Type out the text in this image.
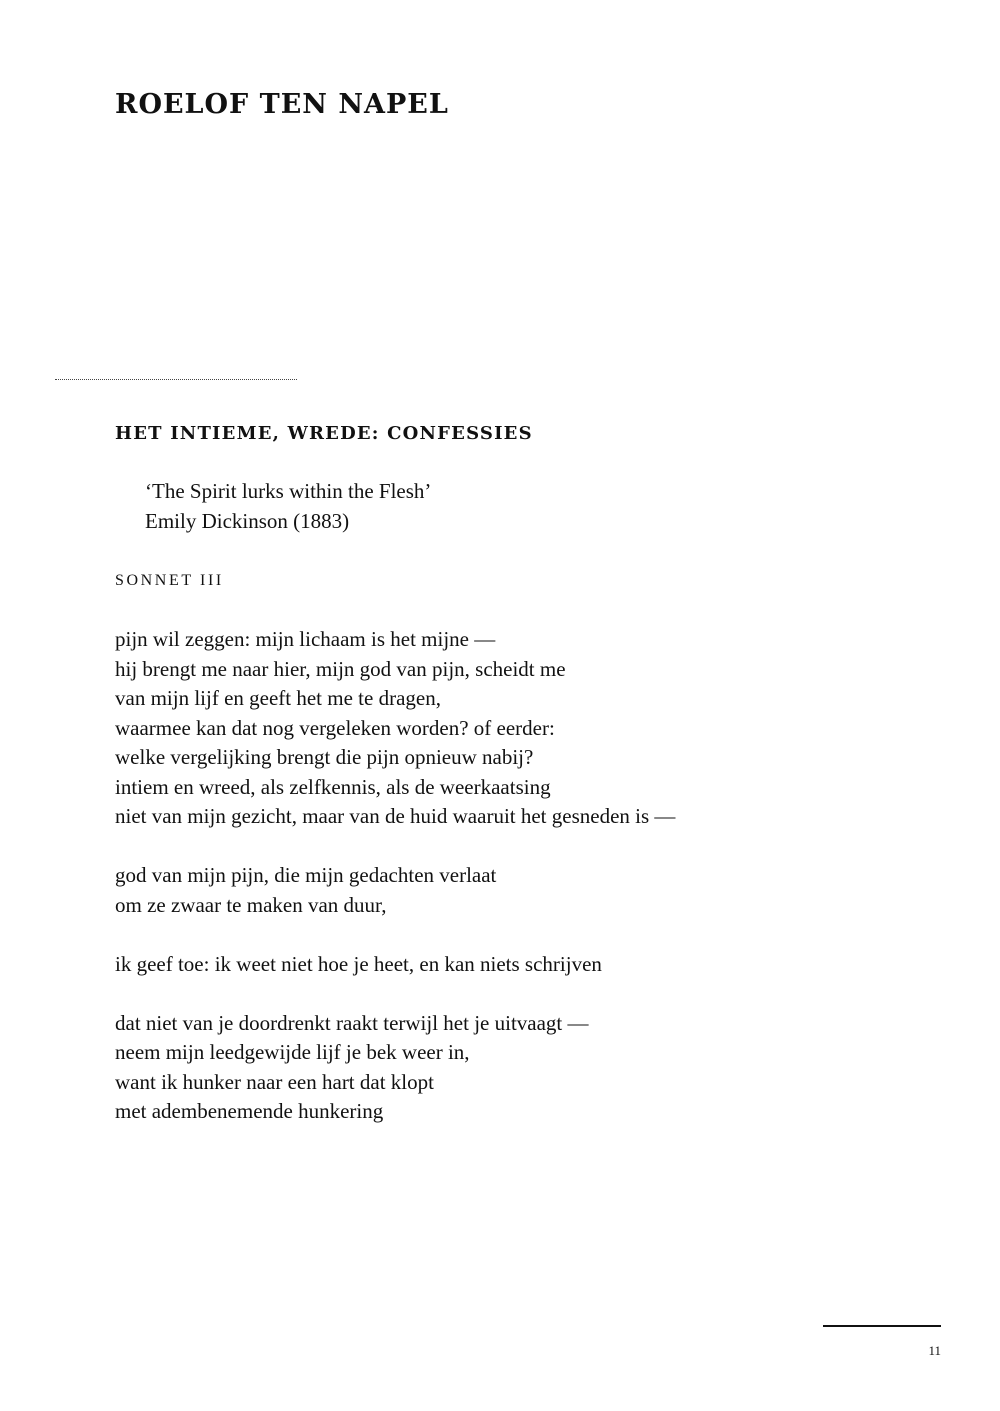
ROELOF TEN NAPEL
HET INTIEME, WREDE: CONFESSIES
‘The Spirit lurks within the Flesh’
Emily Dickinson (1883)
SONNET III
pijn wil zeggen: mijn lichaam is het mijne —
hij brengt me naar hier, mijn god van pijn, scheidt me
van mijn lijf en geeft het me te dragen,
waarmee kan dat nog vergeleken worden? of eerder:
welke vergelijking brengt die pijn opnieuw nabij?
intiem en wreed, als zelfkennis, als de weerkaatsing
niet van mijn gezicht, maar van de huid waaruit het gesneden is —
god van mijn pijn, die mijn gedachten verlaat
om ze zwaar te maken van duur,
ik geef toe: ik weet niet hoe je heet, en kan niets schrijven
dat niet van je doordrenkt raakt terwijl het je uitvaagt —
neem mijn leedgewijde lijf je bek weer in,
want ik hunker naar een hart dat klopt
met adembenemende hunkering
11
